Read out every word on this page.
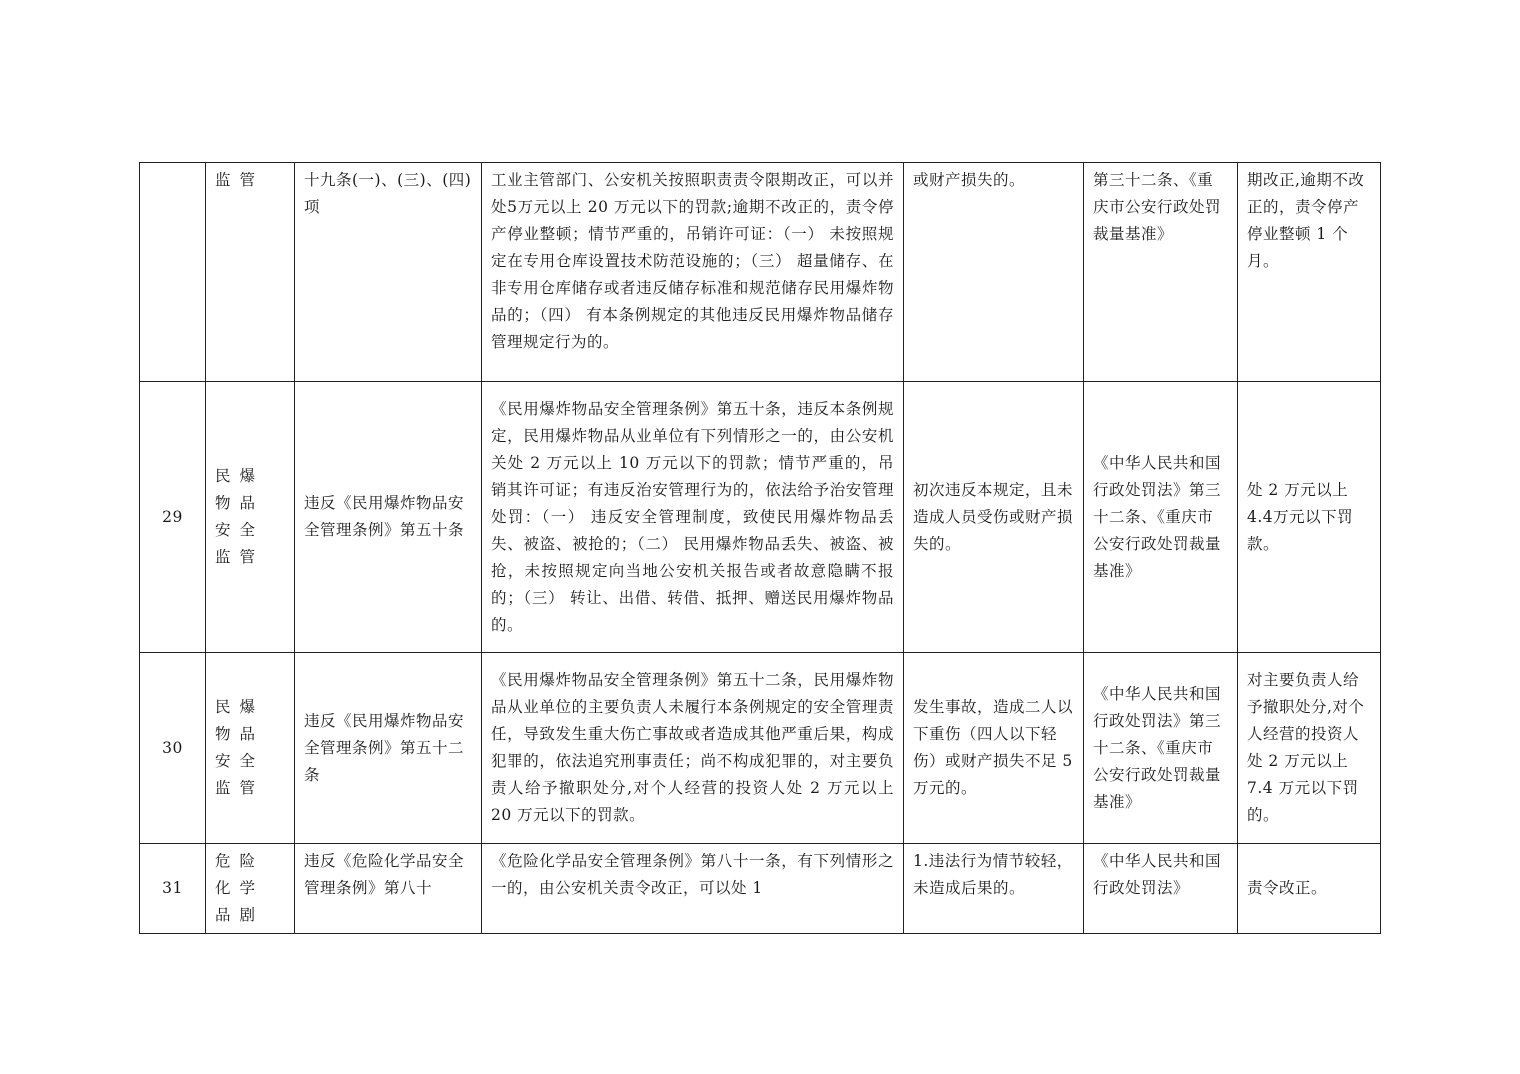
	监管	十九条(一)、(三)、(四)项	工业主管部门、公安机关按照职责责令限期改正，可以并处5万元以上 20 万元以下的罚款;逾期不改正的，责令停产停业整顿；情节严重的，吊销许可证：（一） 未按照规定在专用仓库设置技术防范设施的；（三） 超量储存、在非专用仓库储存或者违反储存标准和规范储存民用爆炸物品的；（四） 有本条例规定的其他违反民用爆炸物品储存管理规定行为的。	或财产损失的。	第三十二条、《重庆市公安行政处罚裁量基准》	期改正,逾期不改正的，责令停产停业整顿 1 个月。
29	民爆物品安全监管	违反《民用爆炸物品安全管理条例》第五十条	《民用爆炸物品安全管理条例》第五十条，违反本条例规定，民用爆炸物品从业单位有下列情形之一的，由公安机关处 2 万元以上 10 万元以下的罚款；情节严重的，吊销其许可证；有违反治安管理行为的，依法给予治安管理处罚：（一） 违反安全管理制度，致使民用爆炸物品丢失、被盗、被抢的；（二） 民用爆炸物品丢失、被盗、被抢，未按照规定向当地公安机关报告或者故意隐瞒不报的；（三） 转让、出借、转借、抵押、赠送民用爆炸物品的。	初次违反本规定，且未造成人员受伤或财产损失的。	《中华人民共和国行政处罚法》第三十二条、《重庆市公安行政处罚裁量基准》	处 2 万元以上 4.4万元以下罚款。
30	民爆物品安全监管	违反《民用爆炸物品安全管理条例》第五十二条	《民用爆炸物品安全管理条例》第五十二条，民用爆炸物品从业单位的主要负责人未履行本条例规定的安全管理责任，导致发生重大伤亡事故或者造成其他严重后果，构成犯罪的，依法追究刑事责任；尚不构成犯罪的，对主要负责人给予撤职处分,对个人经营的投资人处 2 万元以上 20 万元以下的罚款。	发生事故，造成二人以下重伤（四人以下轻伤）或财产损失不足 5 万元的。	《中华人民共和国行政处罚法》第三十二条、《重庆市公安行政处罚裁量基准》	对主要负责人给予撤职处分,对个人经营的投资人处 2 万元以上 7.4 万元以下罚的。
31	危险化学品剧	违反《危险化学品安全管理条例》第八十	《危险化学品安全管理条例》第八十一条，有下列情形之一的，由公安机关责令改正，可以处 1	1.违法行为情节较轻，未造成后果的。	《中华人民共和国行政处罚法》	责令改正。
